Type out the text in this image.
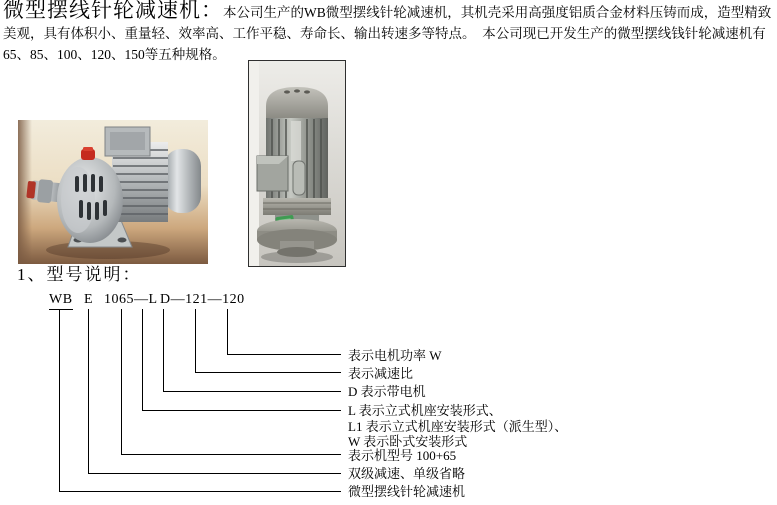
微型摆线针轮减速机：本公司生产的WB微型摆线针轮减速机，其机壳采用高强度铝质合金材料压铸而成，造型精致美观，具有体积小、重量轻、效率高、工作平稳、寿命长、输出转速多等特点。　本公司现已开发生产的微型摆线钱针轮减速机有65、85、100、120、150等五种规格。

1、型号说明：
WB E 1065—L D—121—120
表示电机功率 W
表示减速比
D 表示带电机
L 表示立式机座安装形式、
L1 表示立式机座安装形式（派生型）、
W 表示卧式安装形式
表示机型号 100+65
双级减速、单级省略
微型摆线针轮减速机
